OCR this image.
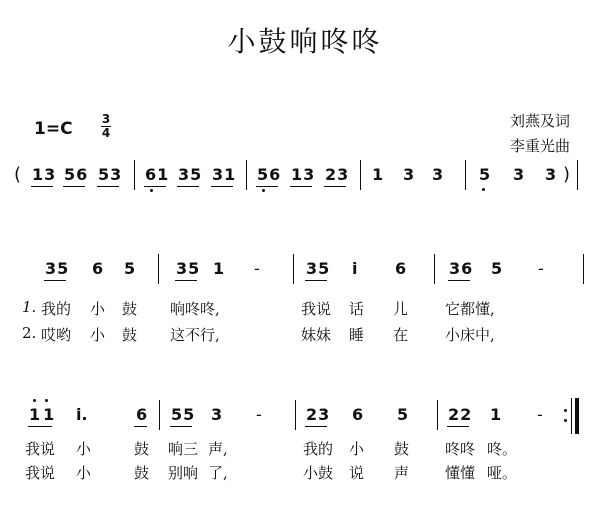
小鼓响咚咚
1=C 3
4
刘燕及词
李重光曲
( 13 56 53 61 35 31 56 13 23 1 3 3 5 3 3 )
35 6 5	35 1 -	35 i 6	36 5 -
1. 我的 小 鼓 响咚咚,	我说 话 儿 它都懂,
2. 哎哟 小 鼓 这不行,	妹妹 睡 在 小床中,
11 i.	6 55 3 -	23 6 5 22 1 -
我说 小	鼓 响三 声,	我的 小 鼓 咚咚 咚。
我说 小	鼓 别响 了,	小鼓 说 声 懂懂 哑。
